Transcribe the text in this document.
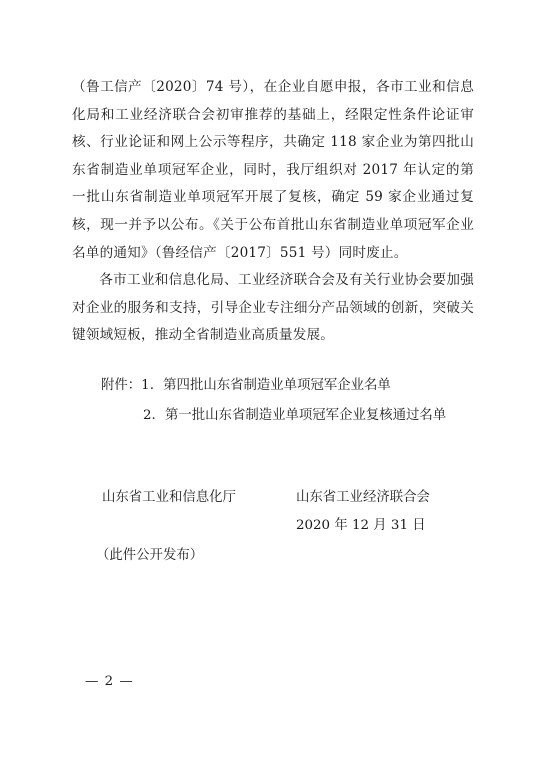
（鲁工信产〔2020〕74 号），在企业自愿申报，各市工业和信息化局和工业经济联合会初审推荐的基础上，经限定性条件论证审核、行业论证和网上公示等程序，共确定 118 家企业为第四批山东省制造业单项冠军企业，同时，我厅组织对 2017 年认定的第一批山东省制造业单项冠军开展了复核，确定 59 家企业通过复核，现一并予以公布。《关于公布首批山东省制造业单项冠军企业名单的通知》（鲁经信产〔2017〕551 号）同时废止。

各市工业和信息化局、工业经济联合会及有关行业协会要加强对企业的服务和支持，引导企业专注细分产品领域的创新，突破关键领域短板，推动全省制造业高质量发展。

附件：1. 第四批山东省制造业单项冠军企业名单
2. 第一批山东省制造业单项冠军企业复核通过名单
山东省工业和信息化厅	山东省工业经济联合会
2020 年 12 月 31 日
（此件公开发布）
— 2 —
